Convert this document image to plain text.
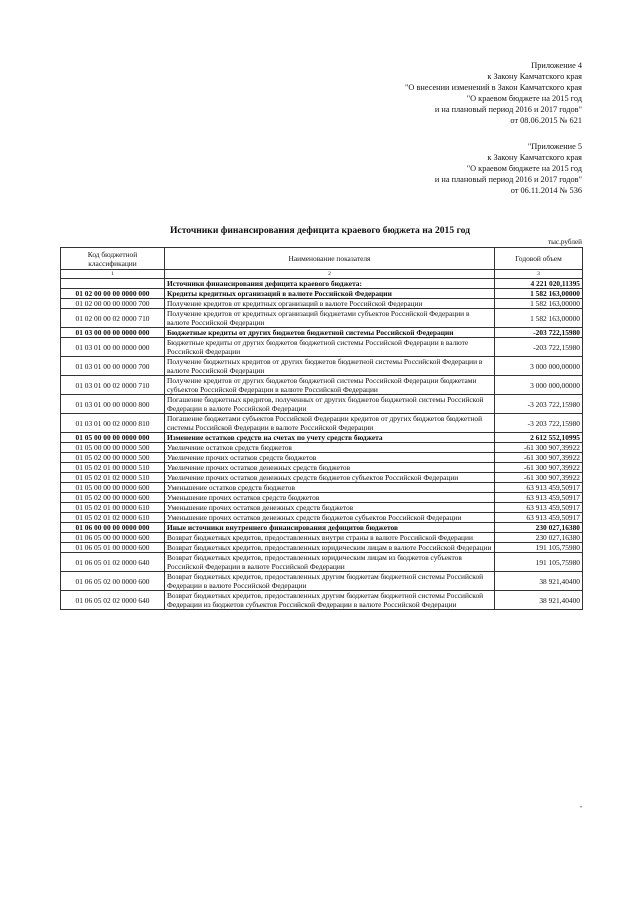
Приложение 4
к Закону Камчатского края
"О внесении изменений в Закон Камчатского края
"О краевом бюджете на 2015 год
и на плановый период 2016 и 2017 годов"
от 08.06.2015 № 621
"Приложение 5
к Закону Камчатского края
"О краевом бюджете на 2015 год
и на плановый период 2016 и 2017 годов"
от 06.11.2014 № 536
Источники финансирования дефицита краевого бюджета на 2015 год
тыс.рублей
Код бюджетной классификации	Наименование показателя	Годовой объем
1	2	3
	Источники финансирования дефицита краевого бюджета:	4 221 020,11395
01 02 00 00 00 0000 000	Кредиты кредитных организаций в валюте Российской Федерации	1 582 163,00000
01 02 00 00 00 0000 700	Получение кредитов от кредитных организаций в валюте Российской Федерации	1 582 163,00000
01 02 00 00 02 0000 710	Получение кредитов от кредитных организаций бюджетами субъектов Российской Федерации в валюте Российской Федерации	1 582 163,00000
01 03 00 00 00 0000 000	Бюджетные кредиты от других бюджетов бюджетной системы Российской Федерации	-203 722,15980
01 03 01 00 00 0000 000	Бюджетные кредиты от других бюджетов бюджетной системы Российской Федерации в валюте Российской Федерации	-203 722,15980
01 03 01 00 00 0000 700	Получение бюджетных кредитов от других бюджетов бюджетной системы Российской Федерации в валюте Российской Федерации	3 000 000,00000
01 03 01 00 02 0000 710	Получение кредитов от других бюджетов бюджетной системы Российской Федерации бюджетами субъектов Российской Федерации в валюте Российской Федерации	3 000 000,00000
01 03 01 00 00 0000 800	Погашение бюджетных кредитов, полученных от других бюджетов бюджетной системы Российской Федерации в валюте Российской Федерации	-3 203 722,15980
01 03 01 00 02 0000 810	Погашение бюджетами субъектов Российской Федерации кредитов от других бюджетов бюджетной системы Российской Федерации в валюте Российской Федерации	-3 203 722,15980
01 05 00 00 00 0000 000	Изменение остатков средств на счетах по учету средств бюджета	2 612 552,10995
01 05 00 00 00 0000 500	Увеличение остатков средств бюджетов	-61 300 907,39922
01 05 02 00 00 0000 500	Увеличение прочих остатков средств бюджетов	-61 300 907,39922
01 05 02 01 00 0000 510	Увеличение прочих остатков денежных средств бюджетов	-61 300 907,39922
01 05 02 01 02 0000 510	Увеличение прочих остатков денежных средств бюджетов субъектов Российской Федерации	-61 300 907,39922
01 05 00 00 00 0000 600	Уменьшение остатков средств бюджетов	63 913 459,50917
01 05 02 00 00 0000 600	Уменьшение прочих остатков средств бюджетов	63 913 459,50917
01 05 02 01 00 0000 610	Уменьшение прочих остатков денежных средств бюджетов	63 913 459,50917
01 05 02 01 02 0000 610	Уменьшение прочих остатков денежных средств бюджетов субъектов Российской Федерации	63 913 459,50917
01 06 00 00 00 0000 000	Иные источники внутреннего финансирования дефицитов бюджетов	230 027,16380
01 06 05 00 00 0000 600	Возврат бюджетных кредитов, предоставленных внутри страны в валюте Российской Федерации	230 027,16380
01 06 05 01 00 0000 600	Возврат бюджетных кредитов, предоставленных юридическим лицам в валюте Российской Федерации	191 105,75980
01 06 05 01 02 0000 640	Возврат бюджетных кредитов, предоставленных юридическим лицам из бюджетов субъектов Российской Федерации в валюте Российской Федерации	191 105,75980
01 06 05 02 00 0000 600	Возврат бюджетных кредитов, предоставленных другим бюджетам бюджетной системы Российской Федерации в валюте Российской Федерации	38 921,40400
01 06 05 02 02 0000 640	Возврат бюджетных кредитов, предоставленных другим бюджетам бюджетной системы Российской Федерации из бюджетов субъектов Российской Федерации в валюте Российской Федерации	38 921,40400
"
